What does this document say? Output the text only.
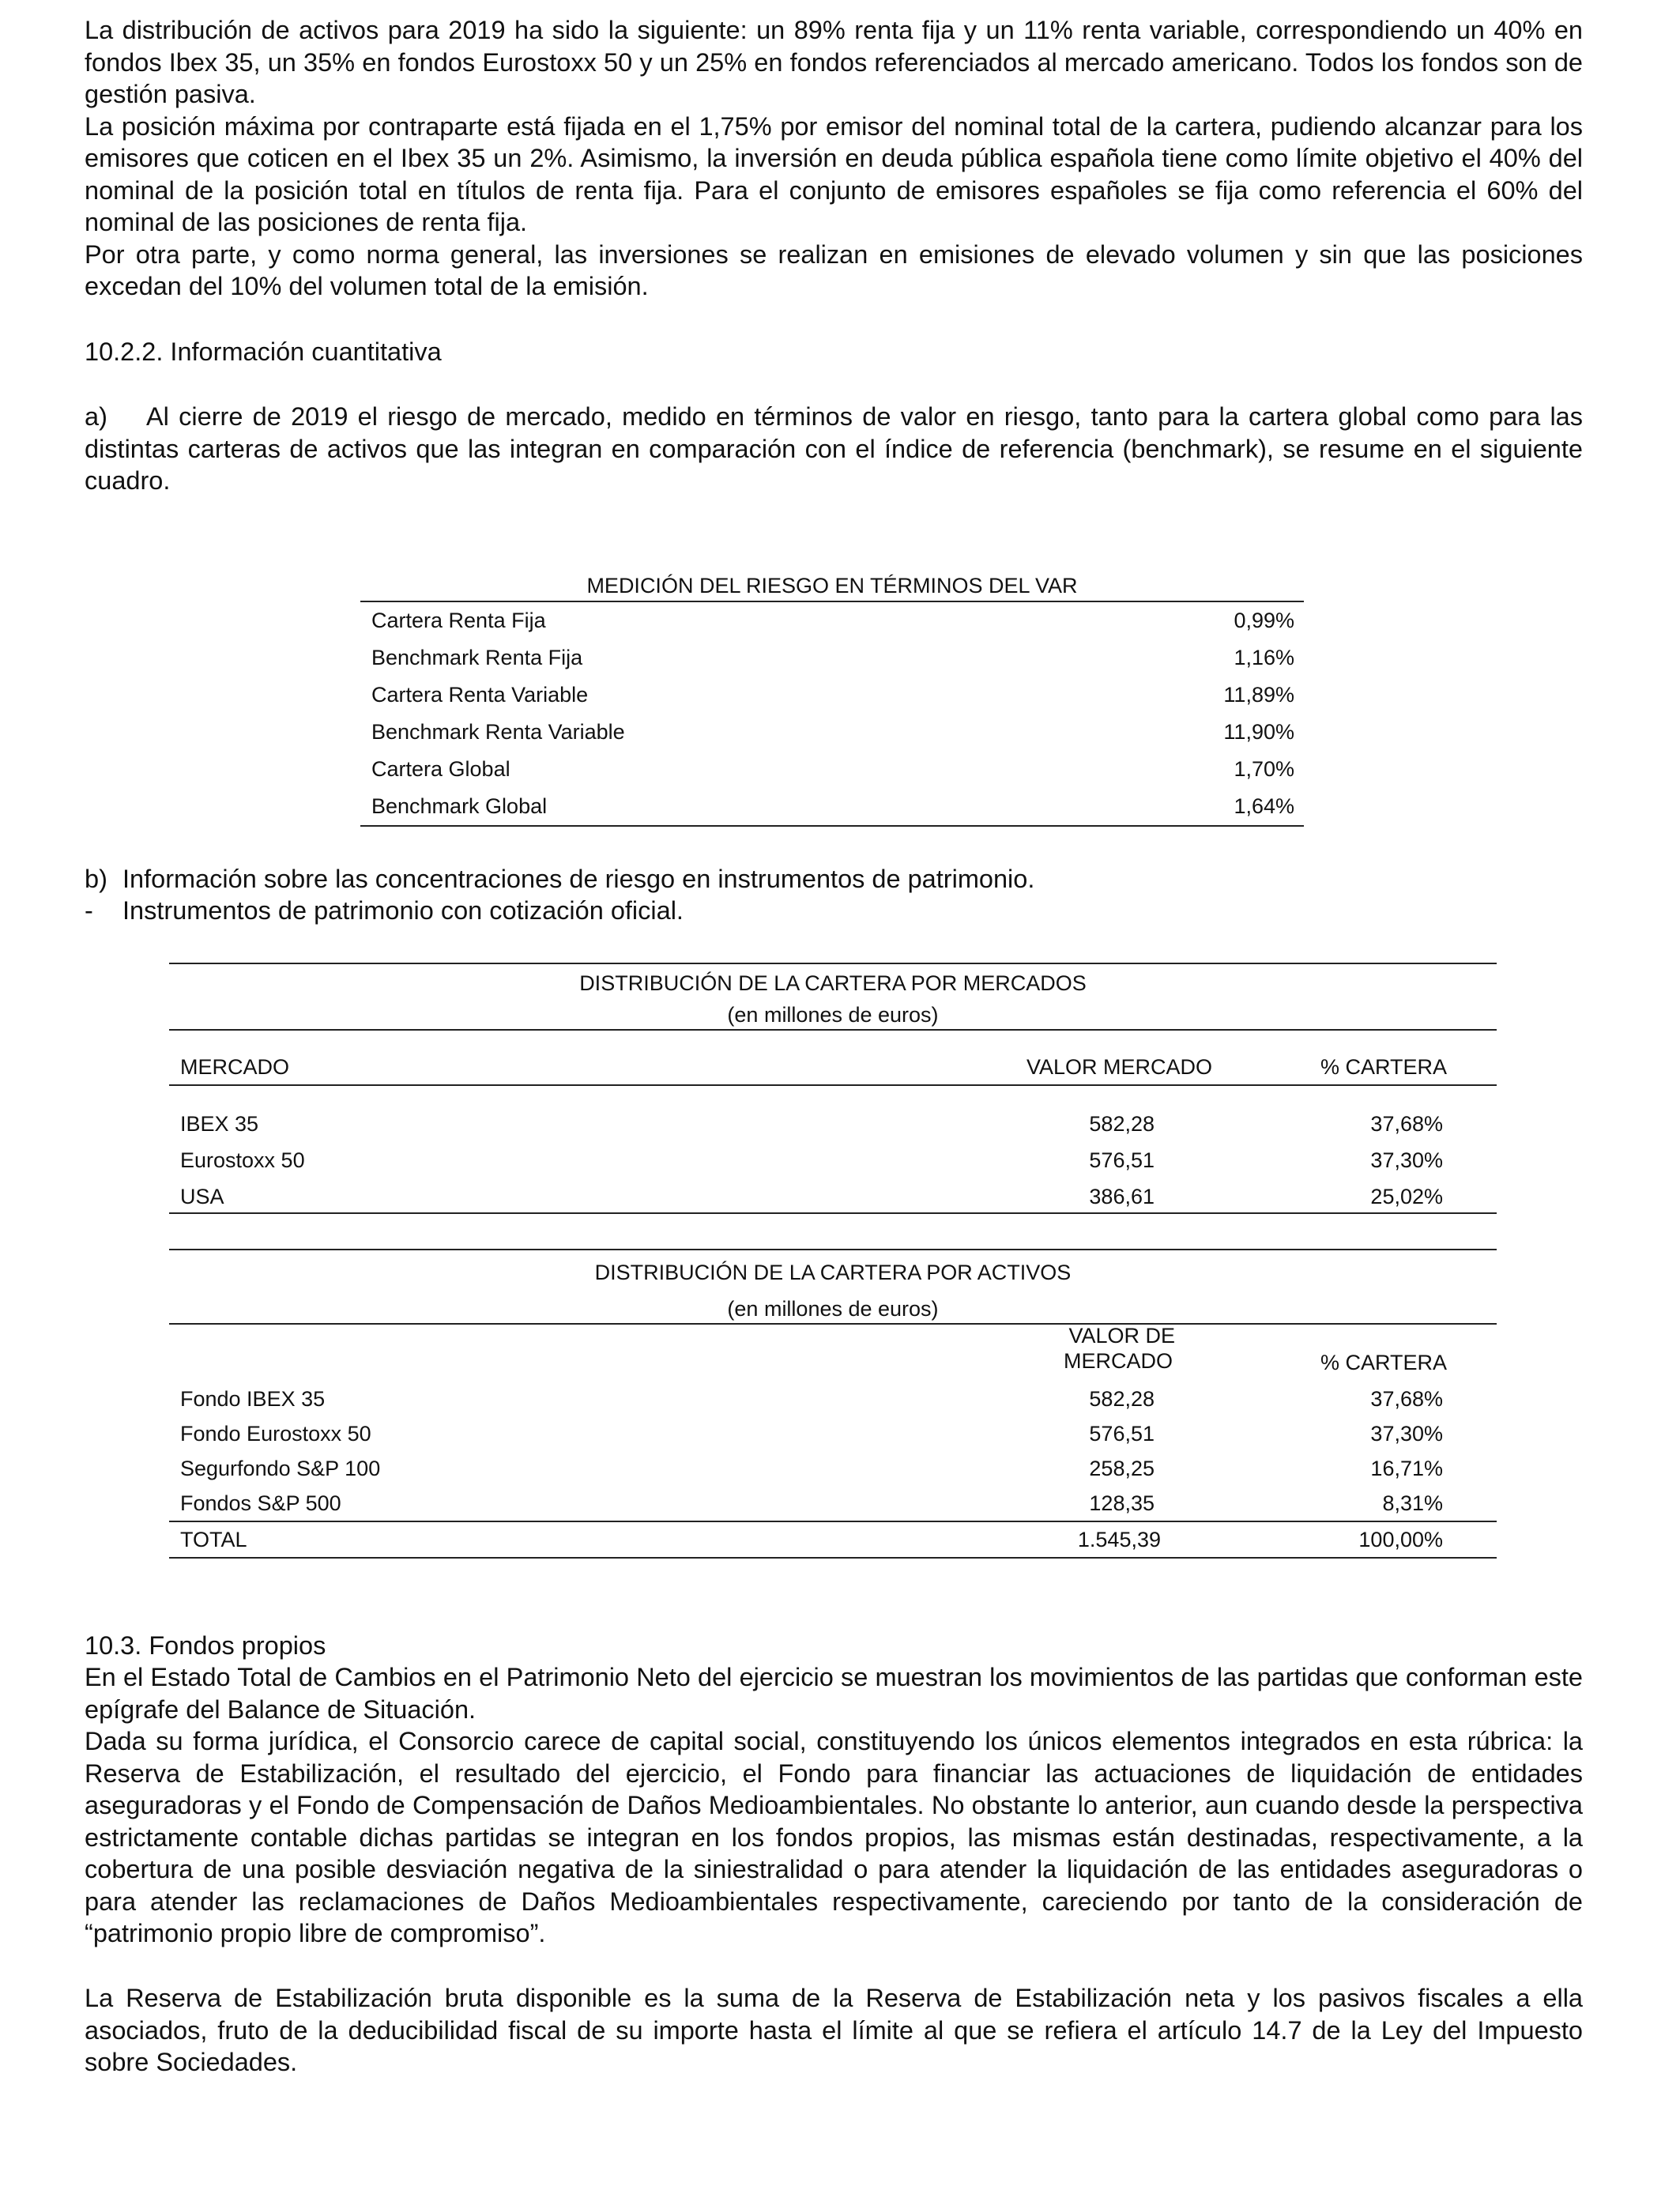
La distribución de activos para 2019 ha sido la siguiente: un 89% renta fija y un 11% renta variable, correspondiendo un 40% en fondos Ibex 35, un 35% en fondos Eurostoxx 50 y un 25% en fondos referenciados al mercado americano. Todos los fondos son de gestión pasiva.

La posición máxima por contraparte está fijada en el 1,75% por emisor del nominal total de la cartera, pudiendo alcanzar para los emisores que coticen en el Ibex 35 un 2%. Asimismo, la inversión en deuda pública española tiene como límite objetivo el 40% del nominal de la posición total en títulos de renta fija. Para el conjunto de emisores españoles se fija como referencia el 60% del nominal de las posiciones de renta fija.

Por otra parte, y como norma general, las inversiones se realizan en emisiones de elevado volumen y sin que las posiciones excedan del 10% del volumen total de la emisión.

10.2.2. Información cuantitativa

a) Al cierre de 2019 el riesgo de mercado, medido en términos de valor en riesgo, tanto para la cartera global como para las distintas carteras de activos que las integran en comparación con el índice de referencia (benchmark), se resume en el siguiente cuadro.

MEDICIÓN DEL RIESGO EN TÉRMINOS DEL VAR
Cartera Renta Fija	0,99%
Benchmark Renta Fija	1,16%
Cartera Renta Variable	11,89%
Benchmark Renta Variable	11,90%
Cartera Global	1,70%
Benchmark Global	1,64%
b) Información sobre las concentraciones de riesgo en instrumentos de patrimonio.
- Instrumentos de patrimonio con cotización oficial.
DISTRIBUCIÓN DE LA CARTERA POR MERCADOS
(en millones de euros)
MERCADO	VALOR MERCADO	% CARTERA
IBEX 35	582,28	37,68%
Eurostoxx 50	576,51	37,30%
USA	386,61	25,02%
DISTRIBUCIÓN DE LA CARTERA POR ACTIVOS
(en millones de euros)
VALOR DE
MERCADO	% CARTERA
Fondo IBEX 35	582,28	37,68%
Fondo Eurostoxx 50	576,51	37,30%
Segurfondo S&P 100	258,25	16,71%
Fondos S&P 500	128,35	8,31%
TOTAL	1.545,39	100,00%
10.3. Fondos propios

En el Estado Total de Cambios en el Patrimonio Neto del ejercicio se muestran los movimientos de las partidas que conforman este epígrafe del Balance de Situación.

Dada su forma jurídica, el Consorcio carece de capital social, constituyendo los únicos elementos integrados en esta rúbrica: la Reserva de Estabilización, el resultado del ejercicio, el Fondo para financiar las actuaciones de liquidación de entidades aseguradoras y el Fondo de Compensación de Daños Medioambientales. No obstante lo anterior, aun cuando desde la perspectiva estrictamente contable dichas partidas se integran en los fondos propios, las mismas están destinadas, respectivamente, a la cobertura de una posible desviación negativa de la siniestralidad o para atender la liquidación de las entidades aseguradoras o para atender las reclamaciones de Daños Medioambientales respectivamente, careciendo por tanto de la consideración de “patrimonio propio libre de compromiso”.

La Reserva de Estabilización bruta disponible es la suma de la Reserva de Estabilización neta y los pasivos fiscales a ella asociados, fruto de la deducibilidad fiscal de su importe hasta el límite al que se refiera el artículo 14.7 de la Ley del Impuesto sobre Sociedades.
